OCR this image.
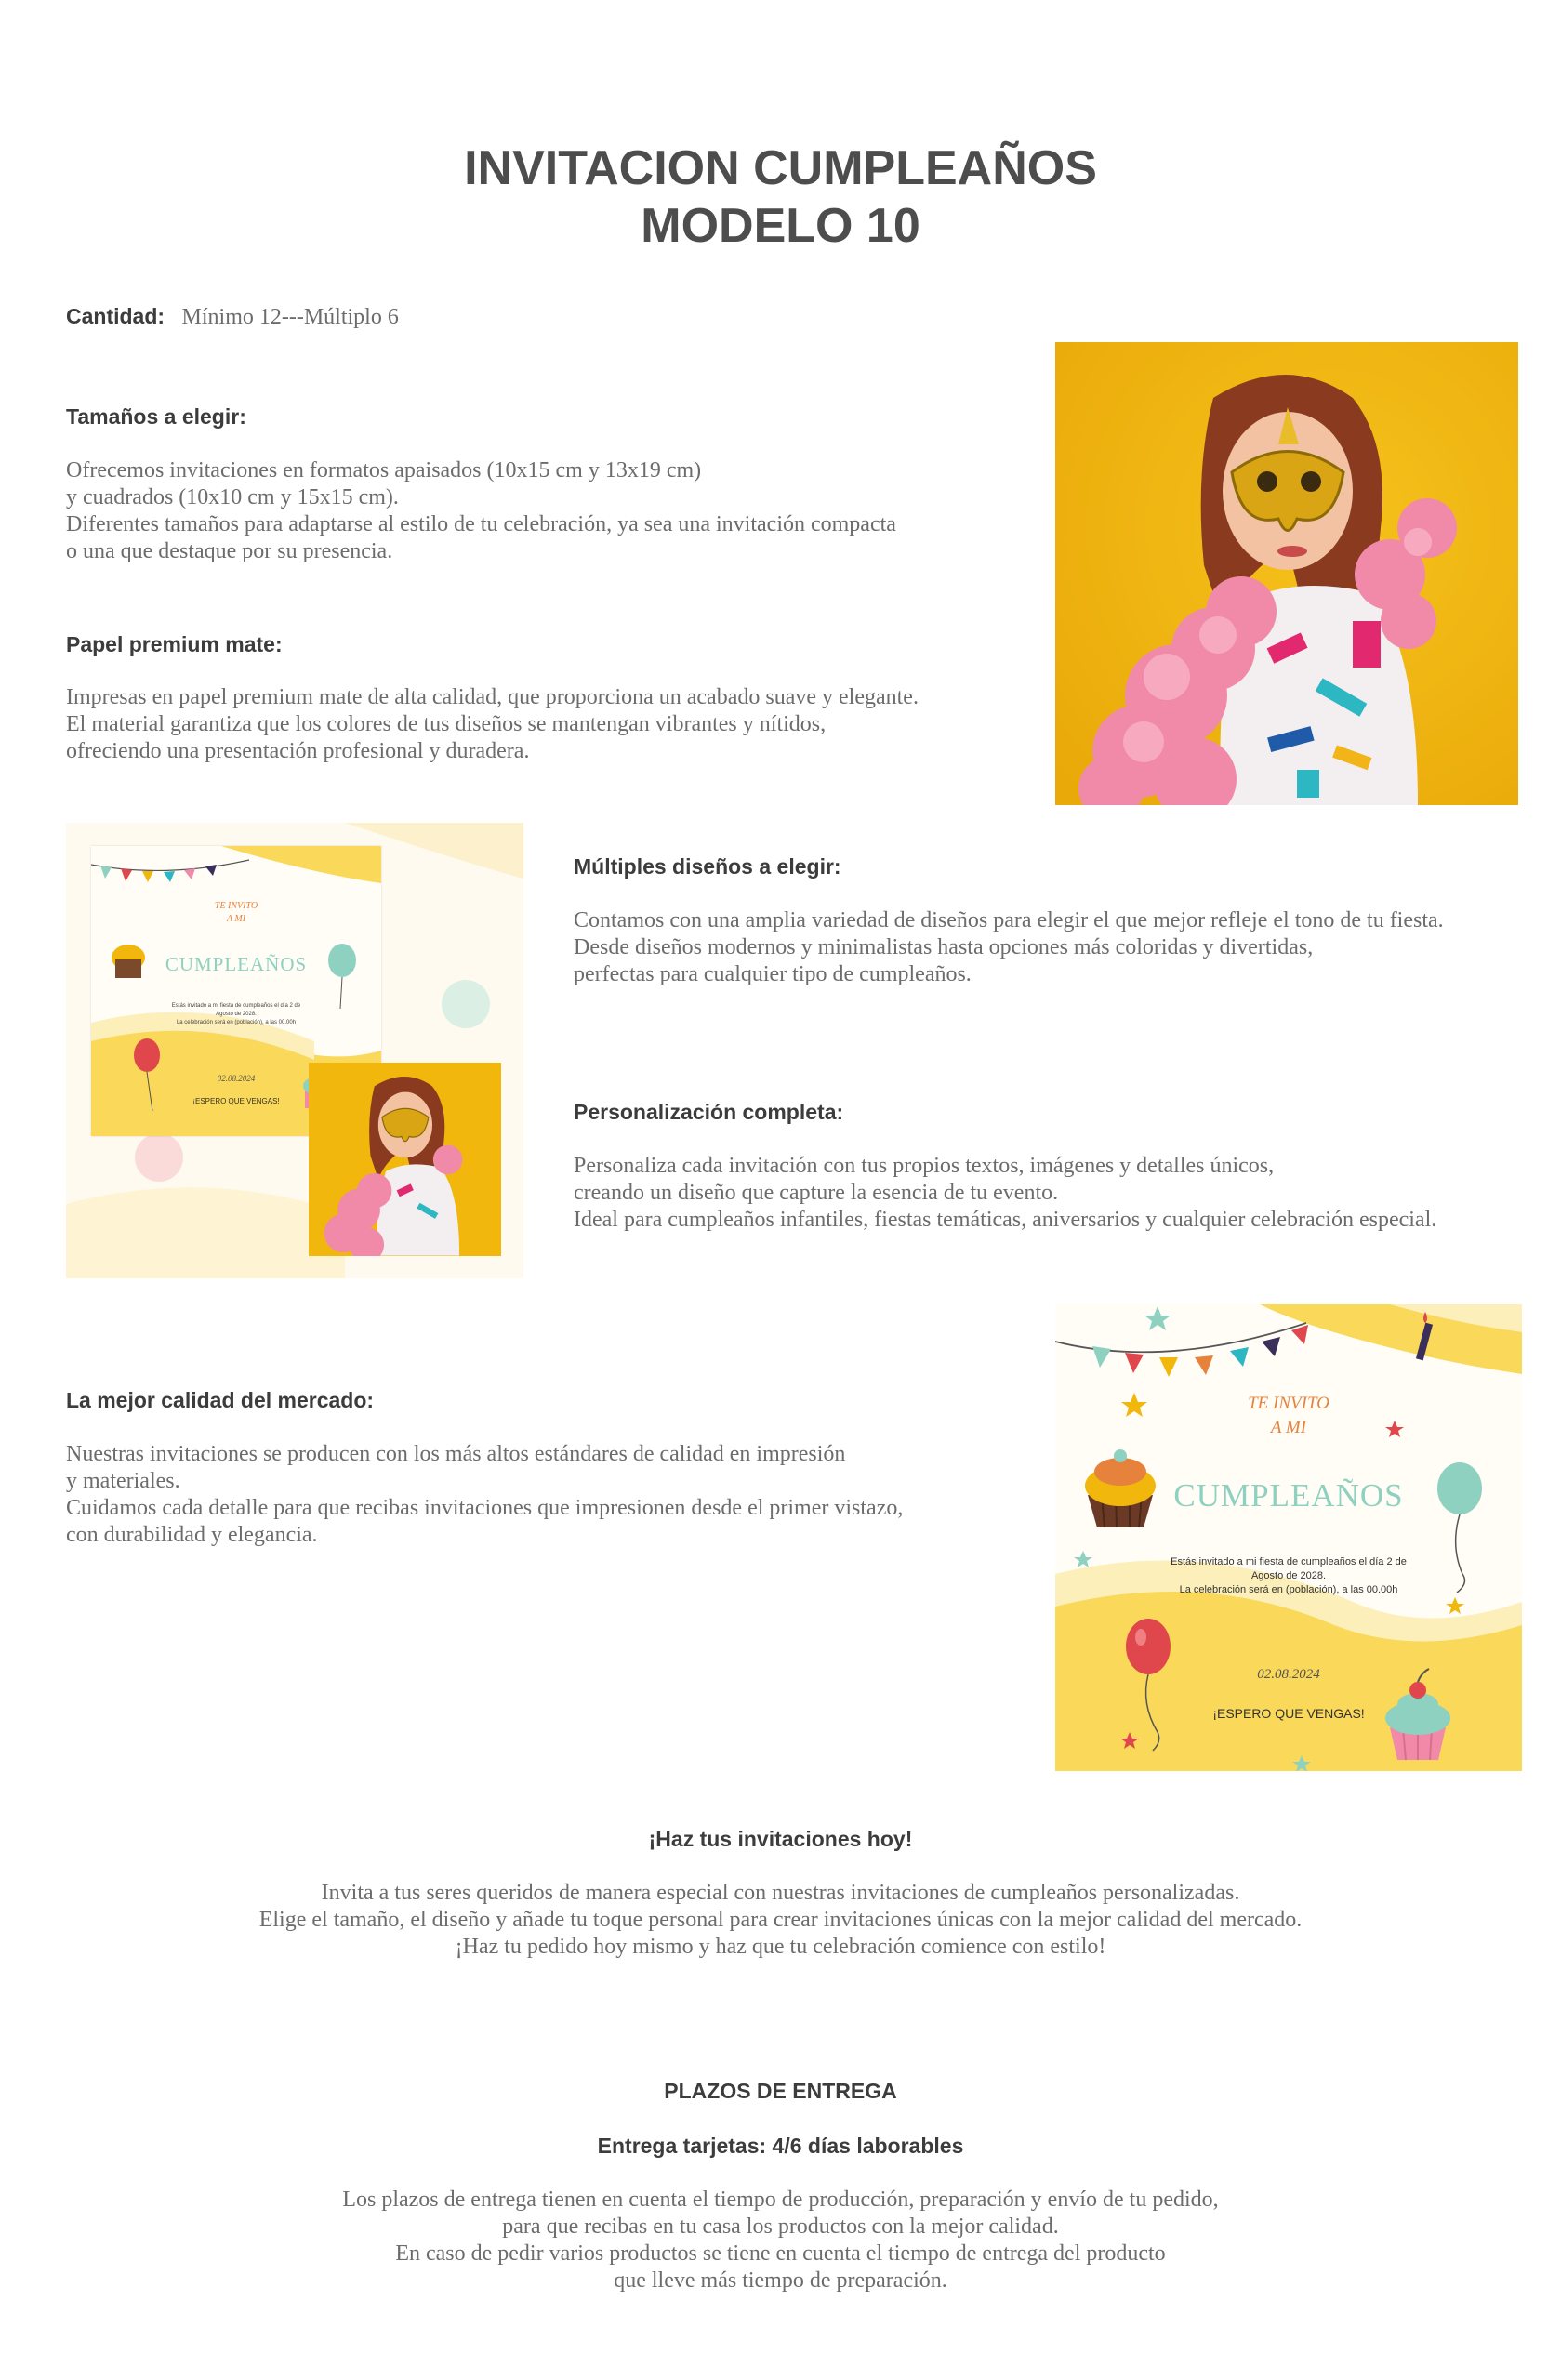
INVITACION CUMPLEAÑOS
MODELO 10
Cantidad: Mínimo 12---Múltiplo 6
Tamaños a elegir:
Ofrecemos invitaciones en formatos apaisados (10x15 cm y 13x19 cm)
y cuadrados (10x10 cm y 15x15 cm).
Diferentes tamaños para adaptarse al estilo de tu celebración, ya sea una invitación compacta
o una que destaque por su presencia.
Papel premium mate:
Impresas en papel premium mate de alta calidad, que proporciona un acabado suave y elegante.
El material garantiza que los colores de tus diseños se mantengan vibrantes y nítidos,
ofreciendo una presentación profesional y duradera.
TE INVITO
A MI
CUMPLEAÑOS
Estás invitado a mi fiesta de cumpleaños el día 2 de
Agosto de 2028.
La celebración será en (población), a las 00.00h
02.08.2024
¡ESPERO QUE VENGAS!
Múltiples diseños a elegir:
Contamos con una amplia variedad de diseños para elegir el que mejor refleje el tono de tu fiesta.
Desde diseños modernos y minimalistas hasta opciones más coloridas y divertidas,
perfectas para cualquier tipo de cumpleaños.
Personalización completa:
Personaliza cada invitación con tus propios textos, imágenes y detalles únicos,
creando un diseño que capture la esencia de tu evento.
Ideal para cumpleaños infantiles, fiestas temáticas, aniversarios y cualquier celebración especial.
La mejor calidad del mercado:
Nuestras invitaciones se producen con los más altos estándares de calidad en impresión
y materiales.
Cuidamos cada detalle para que recibas invitaciones que impresionen desde el primer vistazo,
con durabilidad y elegancia.
TE INVITO
A MI
CUMPLEAÑOS
Estás invitado a mi fiesta de cumpleaños el día 2 de
Agosto de 2028.
La celebración será en (población), a las 00.00h
02.08.2024
¡ESPERO QUE VENGAS!
¡Haz tus invitaciones hoy!
Invita a tus seres queridos de manera especial con nuestras invitaciones de cumpleaños personalizadas.
Elige el tamaño, el diseño y añade tu toque personal para crear invitaciones únicas con la mejor calidad del mercado.
¡Haz tu pedido hoy mismo y haz que tu celebración comience con estilo!
PLAZOS DE ENTREGA
Entrega tarjetas: 4/6 días laborables
Los plazos de entrega tienen en cuenta el tiempo de producción, preparación y envío de tu pedido,
para que recibas en tu casa los productos con la mejor calidad.
En caso de pedir varios productos se tiene en cuenta el tiempo de entrega del producto
que lleve más tiempo de preparación.
